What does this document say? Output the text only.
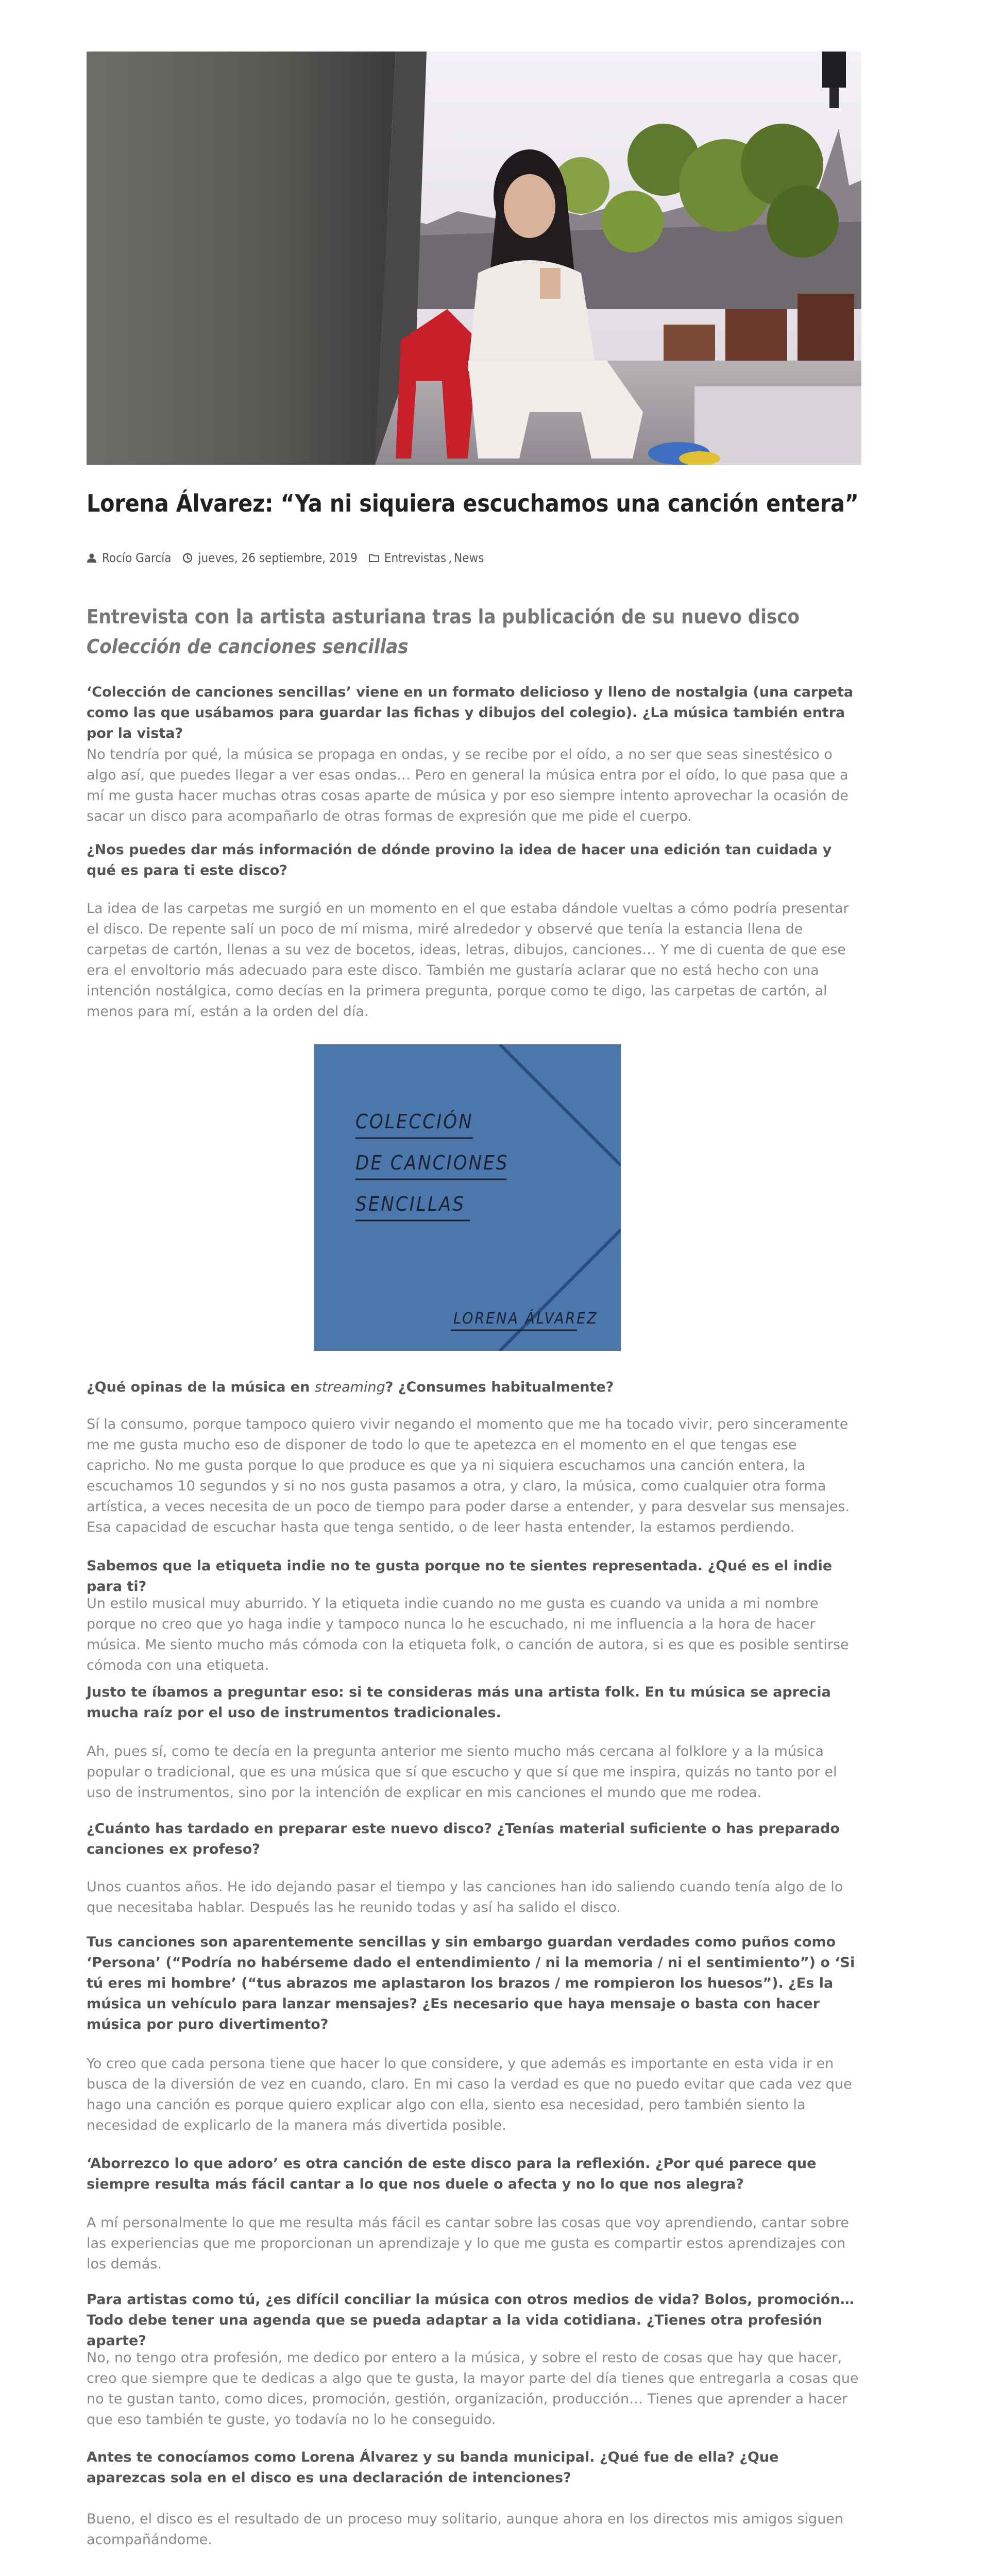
Lorena Álvarez: “Ya ni siquiera escuchamos una canción entera”
Rocío García jueves, 26 septiembre, 2019 Entrevistas , News
Entrevista con la artista asturiana tras la publicación de su nuevo disco Colección de canciones sencillas

‘Colección de canciones sencillas’ viene en un formato delicioso y lleno de nostalgia (una carpeta como las que usábamos para guardar las fichas y dibujos del colegio). ¿La música también entra por la vista?

No tendría por qué, la música se propaga en ondas, y se recibe por el oído, a no ser que seas sinestésico o algo así, que puedes llegar a ver esas ondas… Pero en general la música entra por el oído, lo que pasa que a mí me gusta hacer muchas otras cosas aparte de música y por eso siempre intento aprovechar la ocasión de sacar un disco para acompañarlo de otras formas de expresión que me pide el cuerpo.

¿Nos puedes dar más información de dónde provino la idea de hacer una edición tan cuidada y qué es para ti este disco?

La idea de las carpetas me surgió en un momento en el que estaba dándole vueltas a cómo podría presentar el disco. De repente salí un poco de mí misma, miré alrededor y observé que tenía la estancia llena de carpetas de cartón, llenas a su vez de bocetos, ideas, letras, dibujos, canciones… Y me di cuenta de que ese era el envoltorio más adecuado para este disco. También me gustaría aclarar que no está hecho con una intención nostálgica, como decías en la primera pregunta, porque como te digo, las carpetas de cartón, al menos para mí, están a la orden del día.

COLECCIÓN
DE CANCIONES
SENCILLAS
LORENA ÁLVAREZ

¿Qué opinas de la música en streaming? ¿Consumes habitualmente?

Sí la consumo, porque tampoco quiero vivir negando el momento que me ha tocado vivir, pero sinceramente me me gusta mucho eso de disponer de todo lo que te apetezca en el momento en el que tengas ese capricho. No me gusta porque lo que produce es que ya ni siquiera escuchamos una canción entera, la escuchamos 10 segundos y si no nos gusta pasamos a otra, y claro, la música, como cualquier otra forma artística, a veces necesita de un poco de tiempo para poder darse a entender, y para desvelar sus mensajes. Esa capacidad de escuchar hasta que tenga sentido, o de leer hasta entender, la estamos perdiendo.

Sabemos que la etiqueta indie no te gusta porque no te sientes representada. ¿Qué es el indie para ti?

Un estilo musical muy aburrido. Y la etiqueta indie cuando no me gusta es cuando va unida a mi nombre porque no creo que yo haga indie y tampoco nunca lo he escuchado, ni me influencia a la hora de hacer música. Me siento mucho más cómoda con la etiqueta folk, o canción de autora, si es que es posible sentirse cómoda con una etiqueta.

Justo te íbamos a preguntar eso: si te consideras más una artista folk. En tu música se aprecia mucha raíz por el uso de instrumentos tradicionales.

Ah, pues sí, como te decía en la pregunta anterior me siento mucho más cercana al folklore y a la música popular o tradicional, que es una música que sí que escucho y que sí que me inspira, quizás no tanto por el uso de instrumentos, sino por la intención de explicar en mis canciones el mundo que me rodea.

¿Cuánto has tardado en preparar este nuevo disco? ¿Tenías material suficiente o has preparado canciones ex profeso?

Unos cuantos años. He ido dejando pasar el tiempo y las canciones han ido saliendo cuando tenía algo de lo que necesitaba hablar. Después las he reunido todas y así ha salido el disco.

Tus canciones son aparentemente sencillas y sin embargo guardan verdades como puños como ‘Persona’ (“Podría no habérseme dado el entendimiento / ni la memoria / ni el sentimiento”) o ‘Si tú eres mi hombre’ (“tus abrazos me aplastaron los brazos / me rompieron los huesos”). ¿Es la música un vehículo para lanzar mensajes? ¿Es necesario que haya mensaje o basta con hacer música por puro divertimento?

Yo creo que cada persona tiene que hacer lo que considere, y que además es importante en esta vida ir en busca de la diversión de vez en cuando, claro. En mi caso la verdad es que no puedo evitar que cada vez que hago una canción es porque quiero explicar algo con ella, siento esa necesidad, pero también siento la necesidad de explicarlo de la manera más divertida posible.

‘Aborrezco lo que adoro’ es otra canción de este disco para la reflexión. ¿Por qué parece que siempre resulta más fácil cantar a lo que nos duele o afecta y no lo que nos alegra?

A mí personalmente lo que me resulta más fácil es cantar sobre las cosas que voy aprendiendo, cantar sobre las experiencias que me proporcionan un aprendizaje y lo que me gusta es compartir estos aprendizajes con los demás.

Para artistas como tú, ¿es difícil conciliar la música con otros medios de vida? Bolos, promoción… Todo debe tener una agenda que se pueda adaptar a la vida cotidiana. ¿Tienes otra profesión aparte?

No, no tengo otra profesión, me dedico por entero a la música, y sobre el resto de cosas que hay que hacer, creo que siempre que te dedicas a algo que te gusta, la mayor parte del día tienes que entregarla a cosas que no te gustan tanto, como dices, promoción, gestión, organización, producción… Tienes que aprender a hacer que eso también te guste, yo todavía no lo he conseguido.

Antes te conocíamos como Lorena Álvarez y su banda municipal. ¿Qué fue de ella? ¿Que aparezcas sola en el disco es una declaración de intenciones?

Bueno, el disco es el resultado de un proceso muy solitario, aunque ahora en los directos mis amigos siguen acompañándome.
